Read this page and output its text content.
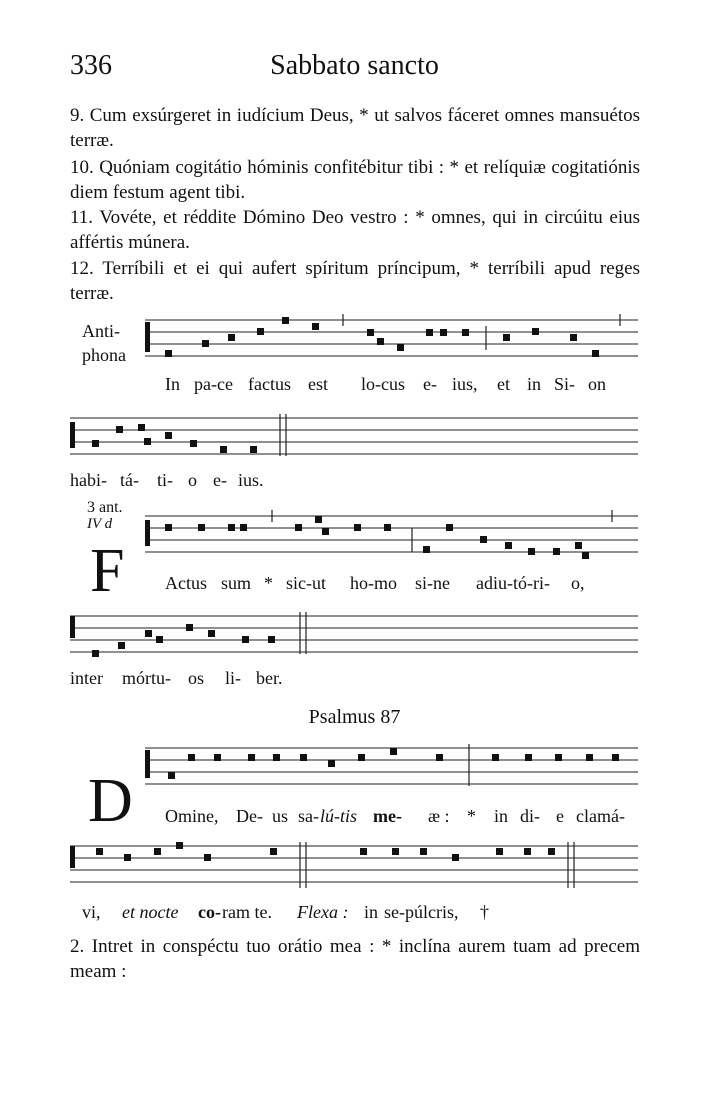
336	Sabbato sancto
9. Cum exsúrgeret in iudícium Deus, * ut salvos fáceret omnes mansuétos terræ.
10. Quóniam cogitátio hóminis confitébitur tibi : * et relíquiæ cogitatiónis diem festum agent tibi.
11. Vovéte, et réddite Dómino Deo vestro : * omnes, qui in circúitu eius affértis múnera.
12. Terríbili et ei qui aufert spíritum príncipum, * terríbili apud reges terræ.
Anti-
phona
In pa-ce factus est lo-cus e- ius, et in Si- on
habi- tá- ti- o e- ius.
3 ant.
IV d
F Actus sum * sic-ut ho-mo si-ne adiu-tó-ri- o,
inter mórtu- os li- ber.
Psalmus 87
D Omine, De- us sa- lú-tis me- æ : * in di- e clamá-
vi, et nocte co- ram te. Flexa : in se-púlcris, †
2. Intret in conspéctu tuo orátio mea : * inclína aurem tuam ad precem meam :
